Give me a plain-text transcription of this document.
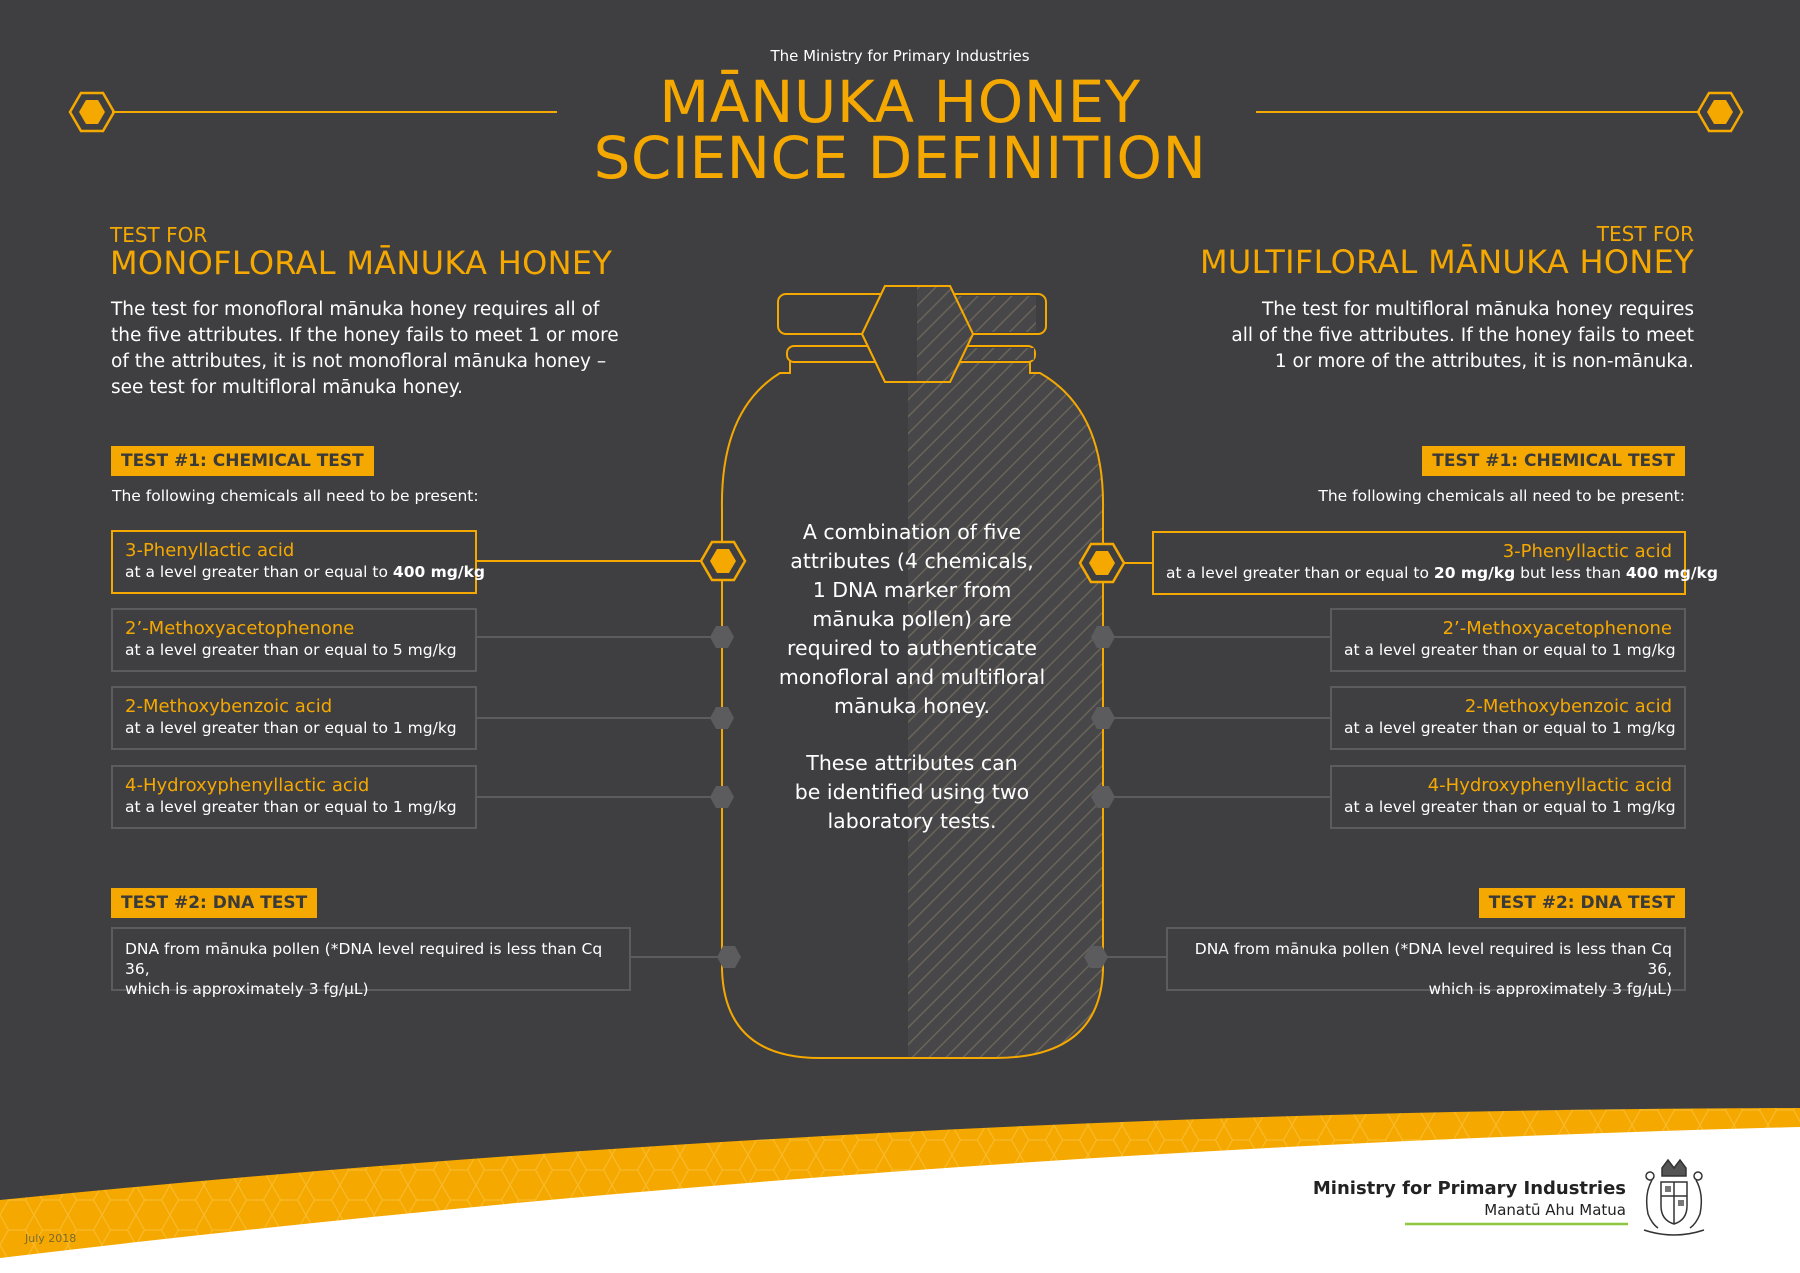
The Ministry for Primary Industries
MĀNUKA HONEY
SCIENCE DEFINITION
TEST FOR
MONOFLORAL MĀNUKA HONEY
The test for monofloral mānuka honey requires all of
the five attributes. If the honey fails to meet 1 or more
of the attributes, it is not monofloral mānuka honey –
see test for multifloral mānuka honey.
TEST #1: CHEMICAL TEST
The following chemicals all need to be present:
3-Phenyllactic acid
at a level greater than or equal to 400 mg/kg
2’-Methoxyacetophenone
at a level greater than or equal to 5 mg/kg
2-Methoxybenzoic acid
at a level greater than or equal to 1 mg/kg
4-Hydroxyphenyllactic acid
at a level greater than or equal to 1 mg/kg
TEST #2: DNA TEST
DNA from mānuka pollen (*DNA level required is less than Cq 36,
which is approximately 3 fg/μL)
TEST FOR
MULTIFLORAL MĀNUKA HONEY
The test for multifloral mānuka honey requires
all of the five attributes. If the honey fails to meet
1 or more of the attributes, it is non-mānuka.
TEST #1: CHEMICAL TEST
The following chemicals all need to be present:
3-Phenyllactic acid
at a level greater than or equal to 20 mg/kg but less than 400 mg/kg
2’-Methoxyacetophenone
at a level greater than or equal to 1 mg/kg
2-Methoxybenzoic acid
at a level greater than or equal to 1 mg/kg
4-Hydroxyphenyllactic acid
at a level greater than or equal to 1 mg/kg
DNA from mānuka pollen (*DNA level required is less than Cq 36,
which is approximately 3 fg/μL)
TEST #2: DNA TEST
A combination of five
attributes (4 chemicals,
1 DNA marker from
mānuka pollen) are
required to authenticate
monofloral and multifloral
mānuka honey.
These attributes can
be identified using two
laboratory tests.
July 2018
Ministry for Primary Industries
Manatū Ahu Matua
